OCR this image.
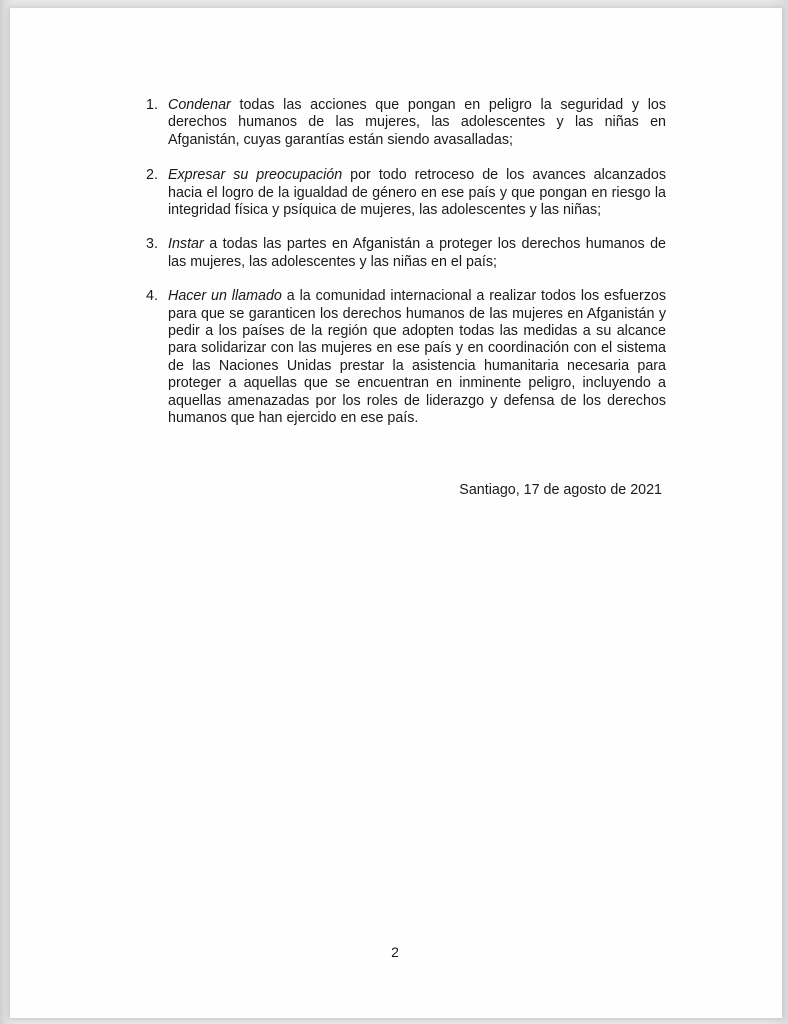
1. Condenar todas las acciones que pongan en peligro la seguridad y los derechos humanos de las mujeres, las adolescentes y las niñas en Afganistán, cuyas garantías están siendo avasalladas;
2. Expresar su preocupación por todo retroceso de los avances alcanzados hacia el logro de la igualdad de género en ese país y que pongan en riesgo la integridad física y psíquica de mujeres, las adolescentes y las niñas;
3. Instar a todas las partes en Afganistán a proteger los derechos humanos de las mujeres, las adolescentes y las niñas en el país;
4. Hacer un llamado a la comunidad internacional a realizar todos los esfuerzos para que se garanticen los derechos humanos de las mujeres en Afganistán y pedir a los países de la región que adopten todas las medidas a su alcance para solidarizar con las mujeres en ese país y en coordinación con el sistema de las Naciones Unidas prestar la asistencia humanitaria necesaria para proteger a aquellas que se encuentran en inminente peligro, incluyendo a aquellas amenazadas por los roles de liderazgo y defensa de los derechos humanos que han ejercido en ese país.
Santiago, 17 de agosto de 2021
2
